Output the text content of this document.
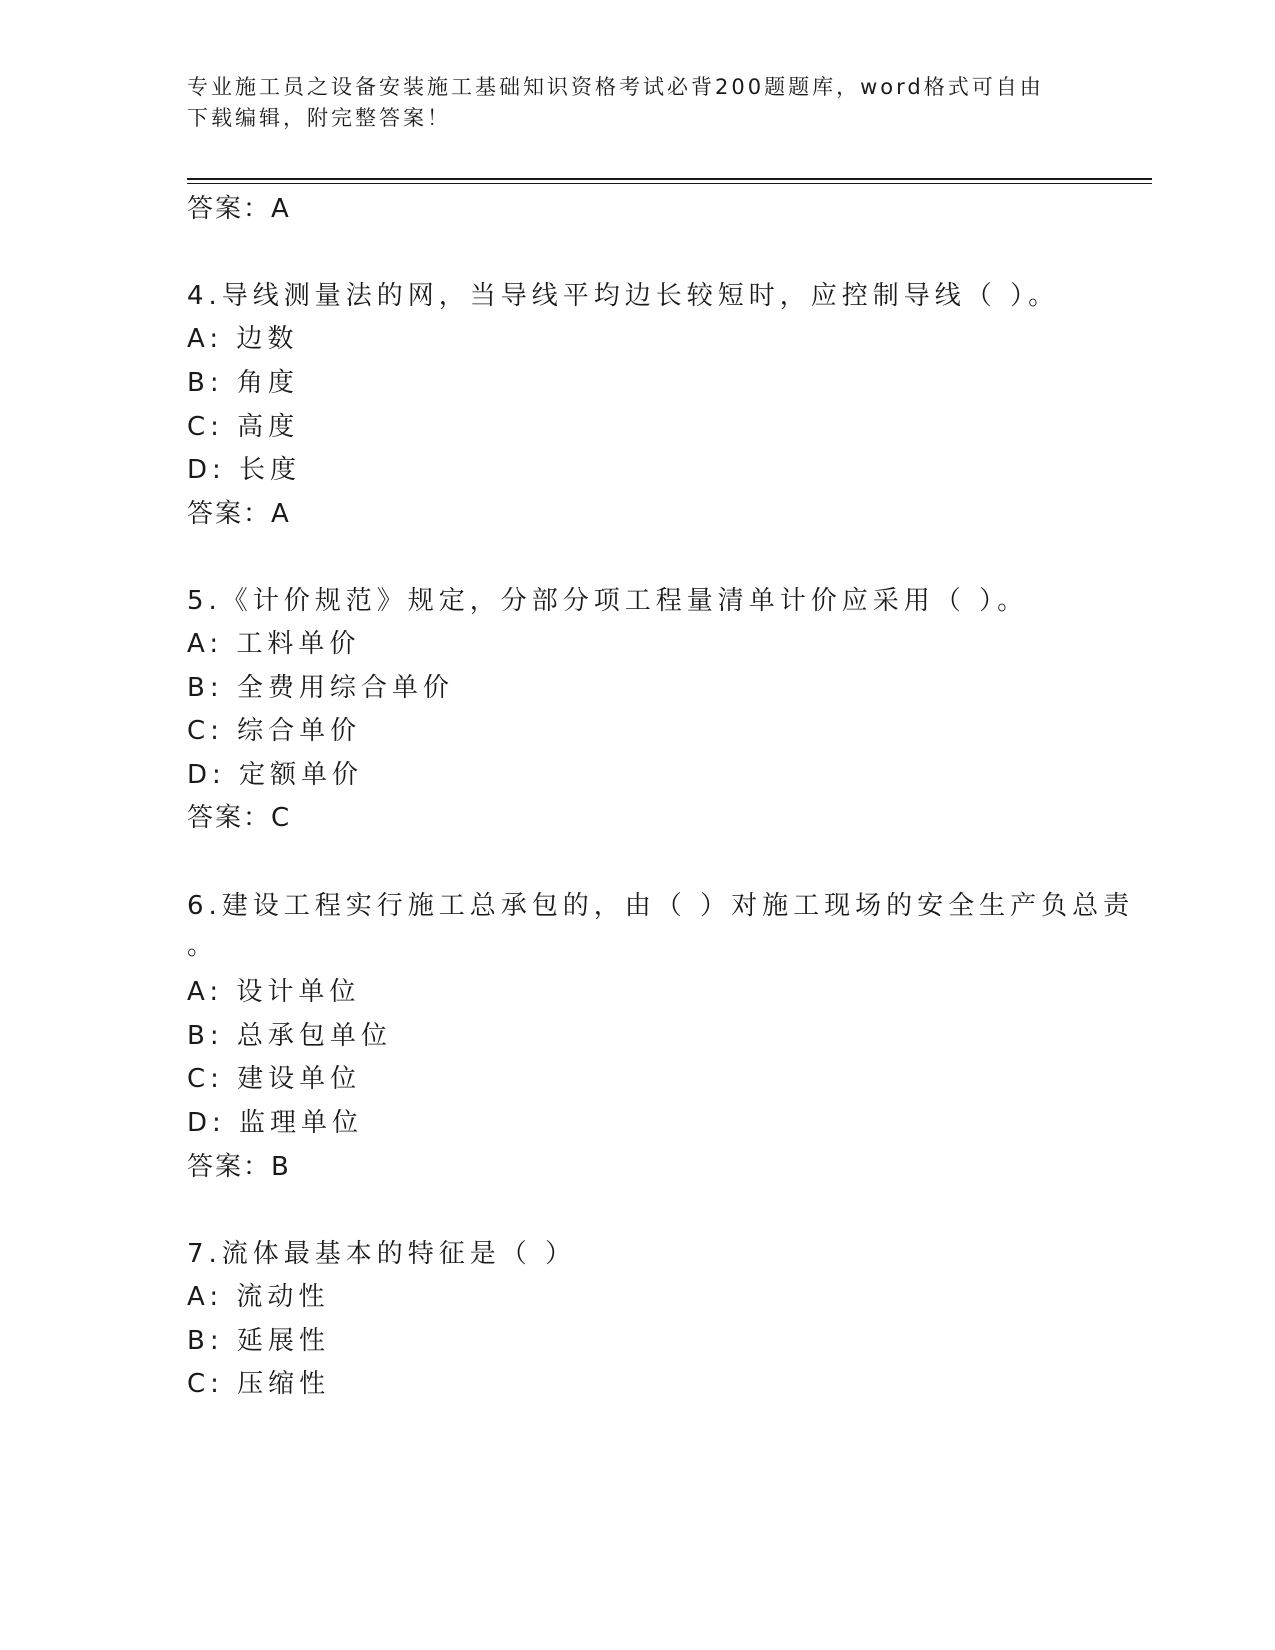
专业施工员之设备安装施工基础知识资格考试必背200题题库，word格式可自由
下载编辑，附完整答案！
答案：A
4.导线测量法的网，当导线平均边长较短时，应控制导线（ ）。
A: 边数
B: 角度
C: 高度
D: 长度
答案：A
5.《计价规范》规定，分部分项工程量清单计价应采用（ ）。
A: 工料单价
B: 全费用综合单价
C: 综合单价
D: 定额单价
答案：C
6.建设工程实行施工总承包的，由（ ）对施工现场的安全生产负总责
。
A: 设计单位
B: 总承包单位
C: 建设单位
D: 监理单位
答案：B
7.流体最基本的特征是（ ）
A: 流动性
B: 延展性
C: 压缩性
